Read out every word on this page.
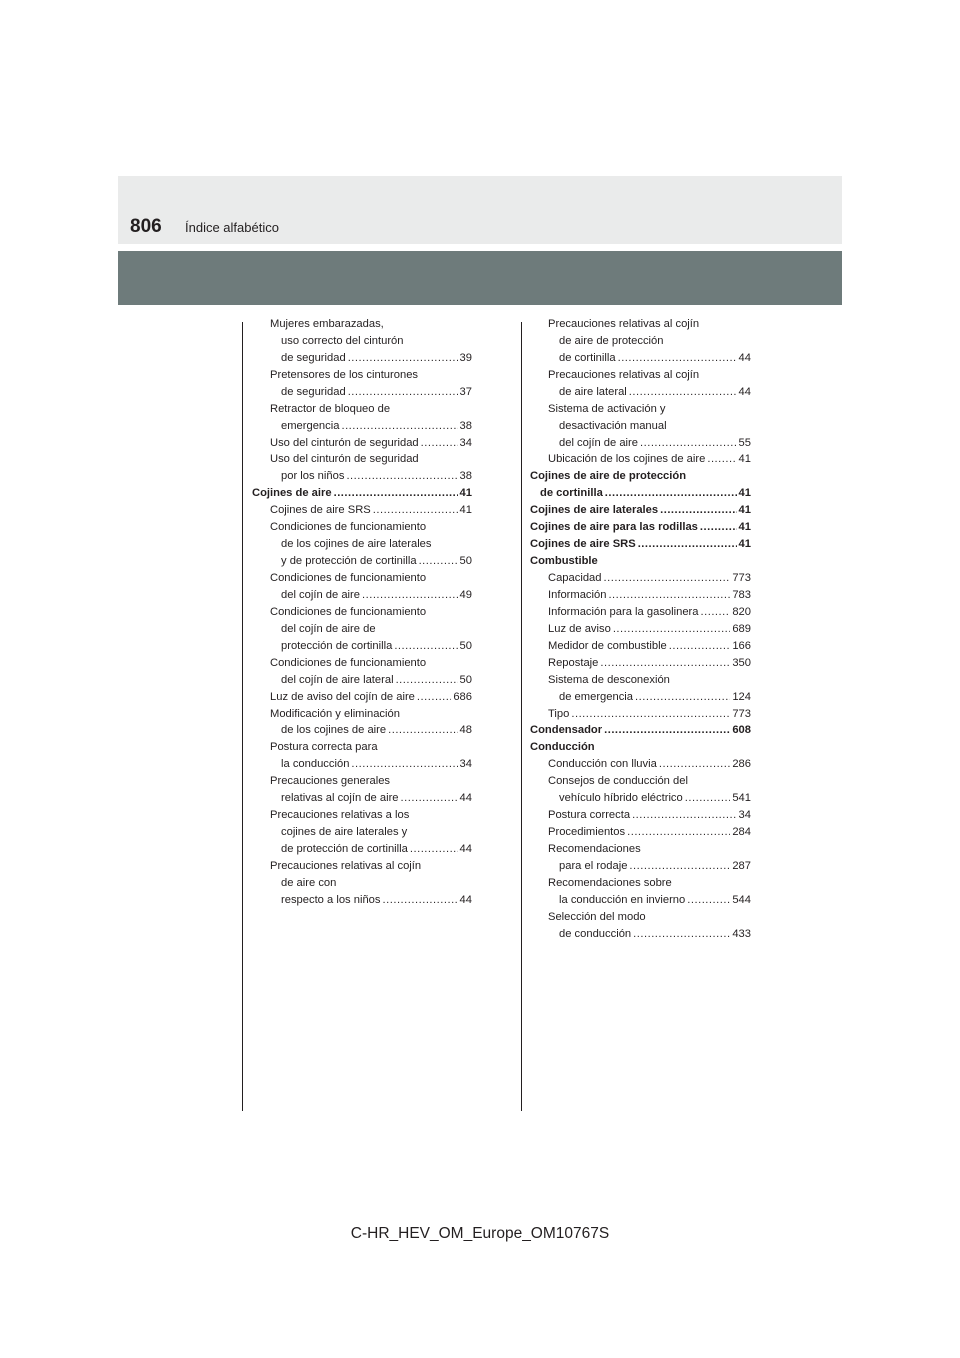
806 Índice alfabético
Mujeres embarazadas,
uso correcto del cinturón
de seguridad .....	39
Pretensores de los cinturones
de seguridad .....	37
Retractor de bloqueo de
emergencia .....	38
Uso del cinturón de seguridad .....	34
Uso del cinturón de seguridad
por los niños .....	38
Cojines de aire .....	41
Cojines de aire SRS .....	41
Condiciones de funcionamiento
de los cojines de aire laterales
y de protección de cortinilla .....	50
Condiciones de funcionamiento
del cojín de aire .....	49
Condiciones de funcionamiento
del cojín de aire de
protección de cortinilla .....	50
Condiciones de funcionamiento
del cojín de aire lateral .....	50
Luz de aviso del cojín de aire .....	686
Modificación y eliminación
de los cojines de aire .....	48
Postura correcta para
la conducción .....	34
Precauciones generales
relativas al cojín de aire .....	44
Precauciones relativas a los
cojines de aire laterales y
de protección de cortinilla .....	44
Precauciones relativas al cojín
de aire con
respecto a los niños .....	44
Precauciones relativas al cojín
de aire de protección
de cortinilla .....	44
Precauciones relativas al cojín
de aire lateral .....	44
Sistema de activación y
desactivación manual
del cojín de aire .....	55
Ubicación de los cojines de aire .....	41
Cojines de aire de protección
de cortinilla .....	41
Cojines de aire laterales .....	41
Cojines de aire para las rodillas .....	41
Cojines de aire SRS .....	41
Combustible
Capacidad .....	773
Información .....	783
Información para la gasolinera .....	820
Luz de aviso .....	689
Medidor de combustible .....	166
Repostaje .....	350
Sistema de desconexión
de emergencia .....	124
Tipo .....	773
Condensador .....	608
Conducción
Conducción con lluvia .....	286
Consejos de conducción del
vehículo híbrido eléctrico .....	541
Postura correcta .....	34
Procedimientos .....	284
Recomendaciones
para el rodaje .....	287
Recomendaciones sobre
la conducción en invierno .....	544
Selección del modo
de conducción .....	433
C-HR_HEV_OM_Europe_OM10767S
